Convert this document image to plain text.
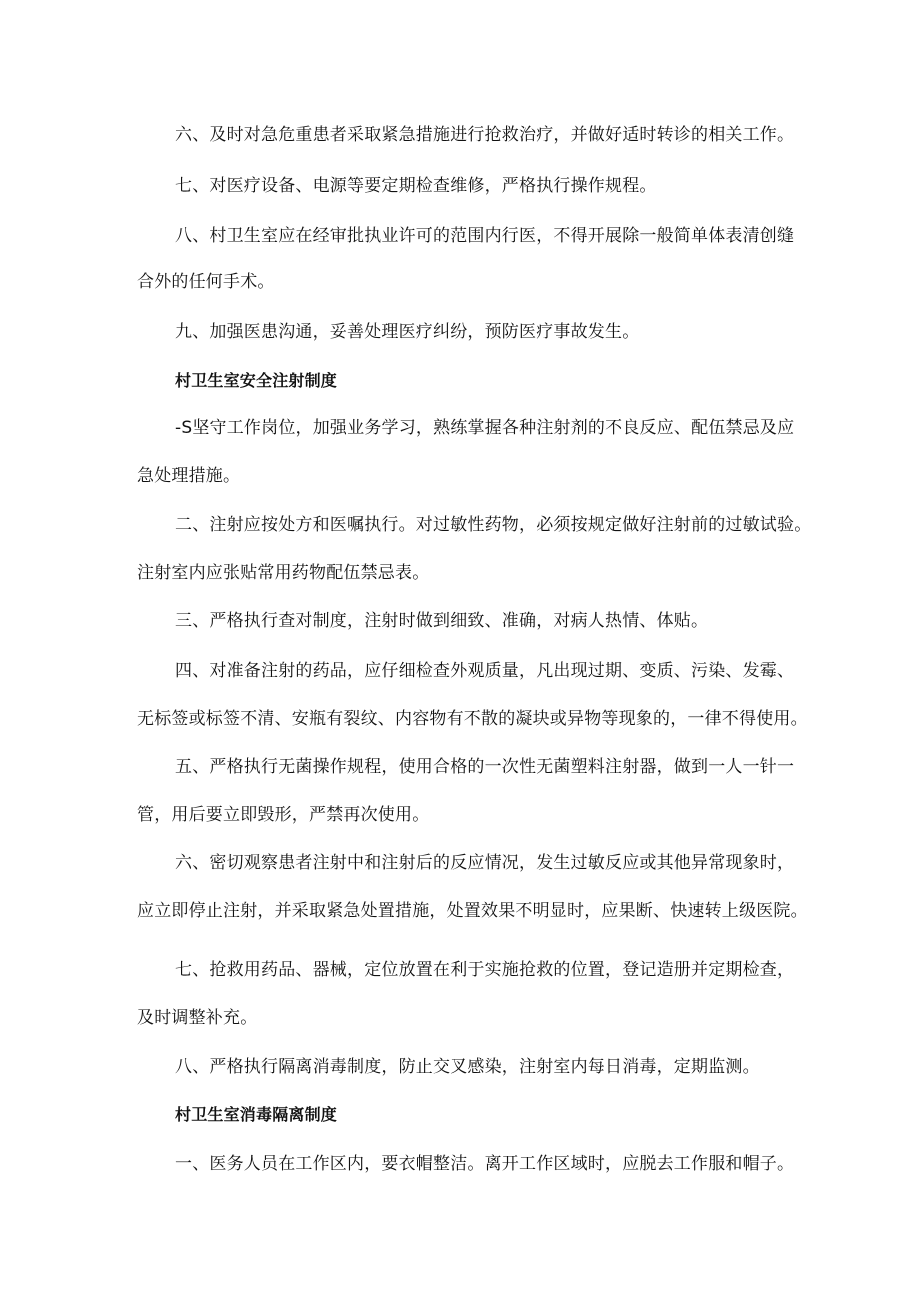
六、及时对急危重患者采取紧急措施进行抢救治疗，并做好适时转诊的相关工作。
七、对医疗设备、电源等要定期检查维修，严格执行操作规程。
八、村卫生室应在经审批执业许可的范围内行医，不得开展除一般简单体表清创缝
合外的任何手术。
九、加强医患沟通，妥善处理医疗纠纷，预防医疗事故发生。
村卫生室安全注射制度
-S坚守工作岗位，加强业务学习，熟练掌握各种注射剂的不良反应、配伍禁忌及应
急处理措施。
二、注射应按处方和医嘱执行。对过敏性药物，必须按规定做好注射前的过敏试验。
注射室内应张贴常用药物配伍禁忌表。
三、严格执行查对制度，注射时做到细致、准确，对病人热情、体贴。
四、对准备注射的药品，应仔细检查外观质量，凡出现过期、变质、污染、发霉、
无标签或标签不清、安瓶有裂纹、内容物有不散的凝块或异物等现象的，一律不得使用。
五、严格执行无菌操作规程，使用合格的一次性无菌塑料注射器，做到一人一针一
管，用后要立即毁形，严禁再次使用。
六、密切观察患者注射中和注射后的反应情况，发生过敏反应或其他异常现象时，
应立即停止注射，并采取紧急处置措施，处置效果不明显时，应果断、快速转上级医院。
七、抢救用药品、器械，定位放置在利于实施抢救的位置，登记造册并定期检查，
及时调整补充。
八、严格执行隔离消毒制度，防止交叉感染，注射室内每日消毒，定期监测。
村卫生室消毒隔离制度
一、医务人员在工作区内，要衣帽整洁。离开工作区域时，应脱去工作服和帽子。
